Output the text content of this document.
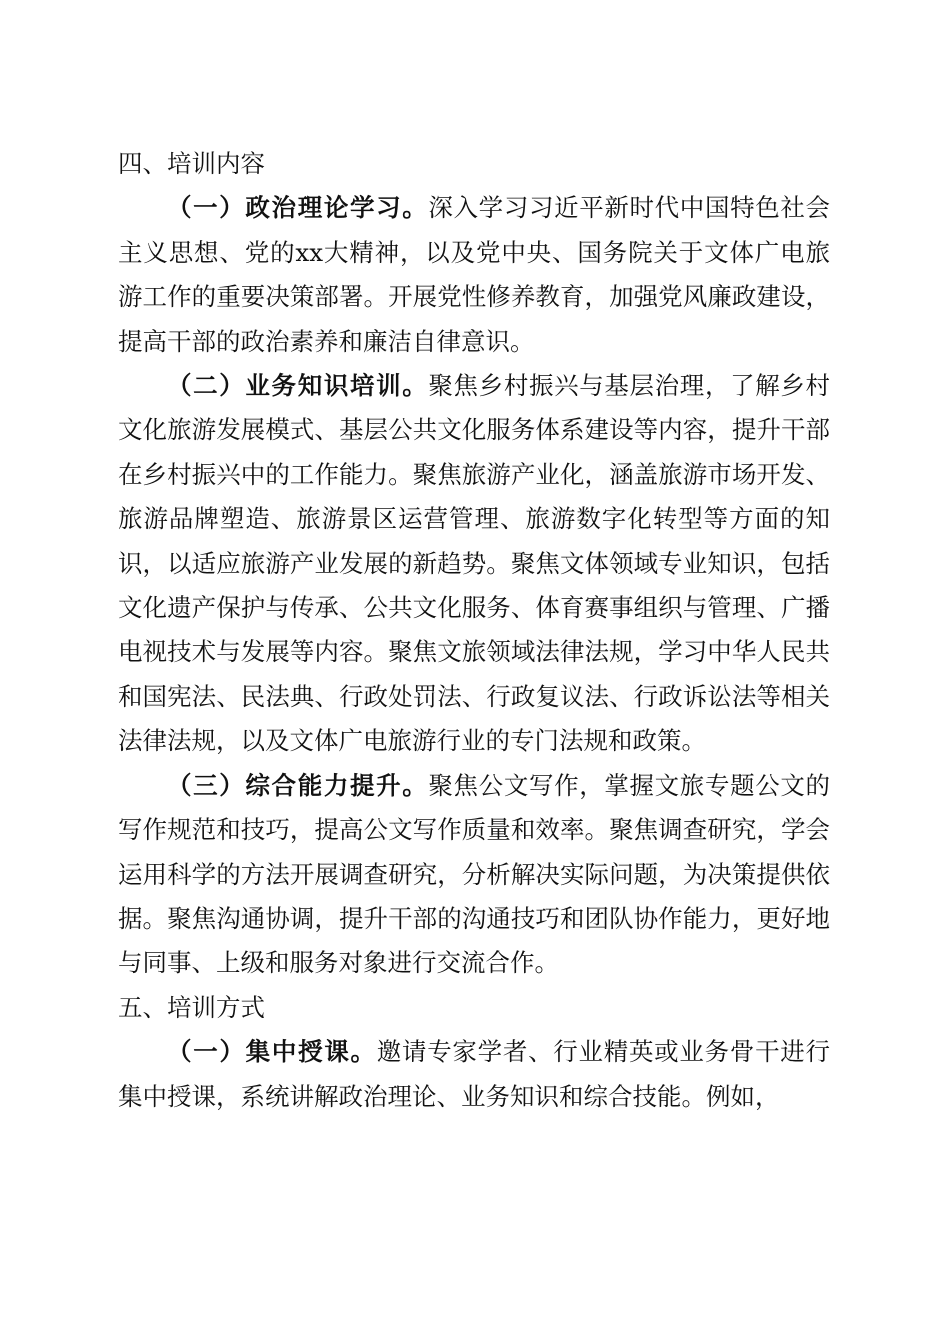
四、培训内容

（一）政治理论学习。深入学习习近平新时代中国特色社会主义思想、党的xx大精神，以及党中央、国务院关于文体广电旅游工作的重要决策部署。开展党性修养教育，加强党风廉政建设，提高干部的政治素养和廉洁自律意识。

（二）业务知识培训。聚焦乡村振兴与基层治理，了解乡村文化旅游发展模式、基层公共文化服务体系建设等内容，提升干部在乡村振兴中的工作能力。聚焦旅游产业化，涵盖旅游市场开发、旅游品牌塑造、旅游景区运营管理、旅游数字化转型等方面的知识，以适应旅游产业发展的新趋势。聚焦文体领域专业知识，包括文化遗产保护与传承、公共文化服务、体育赛事组织与管理、广播电视技术与发展等内容。聚焦文旅领域法律法规，学习中华人民共和国宪法、民法典、行政处罚法、行政复议法、行政诉讼法等相关法律法规，以及文体广电旅游行业的专门法规和政策。

（三）综合能力提升。聚焦公文写作，掌握文旅专题公文的写作规范和技巧，提高公文写作质量和效率。聚焦调查研究，学会运用科学的方法开展调查研究，分析解决实际问题，为决策提供依据。聚焦沟通协调，提升干部的沟通技巧和团队协作能力，更好地与同事、上级和服务对象进行交流合作。

五、培训方式

（一）集中授课。邀请专家学者、行业精英或业务骨干进行集中授课，系统讲解政治理论、业务知识和综合技能。例如，
